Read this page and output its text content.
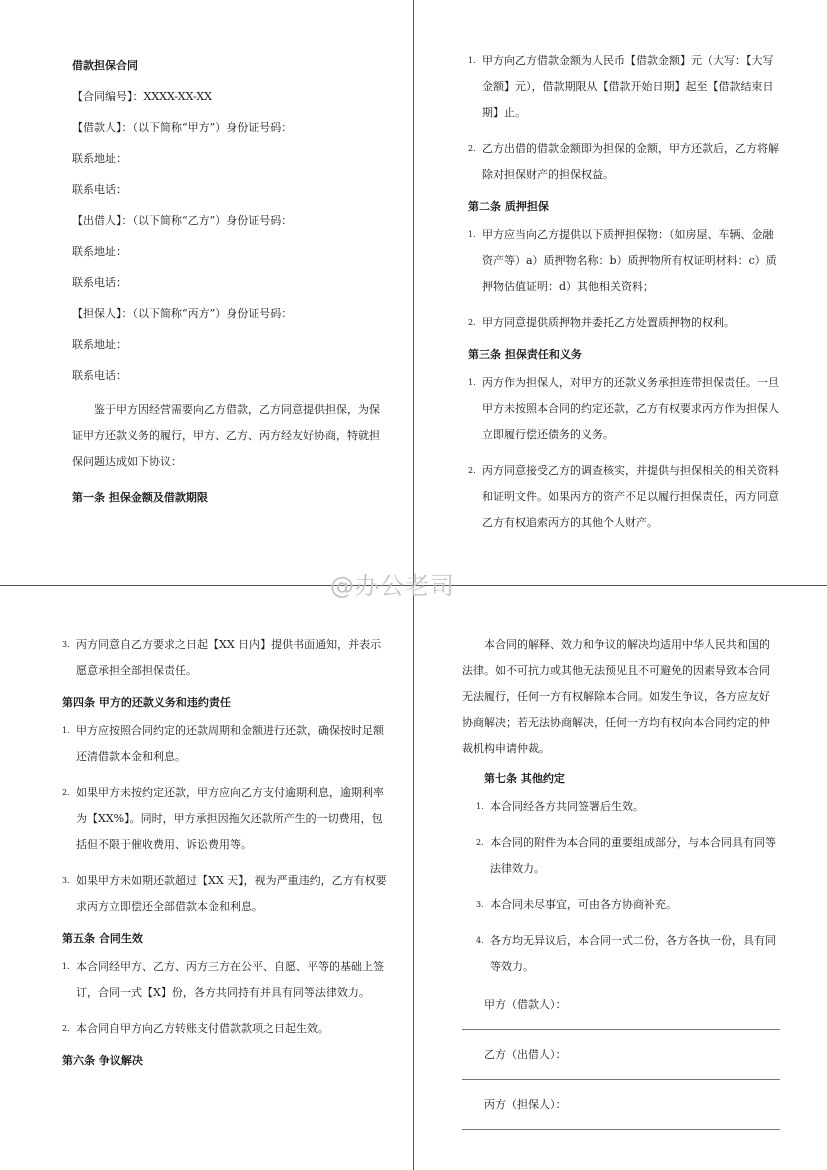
借款担保合同

【合同编号】：XXXX-XX-XX

【借款人】：（以下简称“甲方”）身份证号码：

联系地址：

联系电话：

【出借人】：（以下简称“乙方”）身份证号码：

联系地址：

联系电话：

【担保人】：（以下简称“丙方”）身份证号码：

联系地址：

联系电话：

鉴于甲方因经营需要向乙方借款，乙方同意提供担保，为保证甲方还款义务的履行，甲方、乙方、丙方经友好协商，特就担保问题达成如下协议：

第一条 担保金额及借款期限

1. 甲方向乙方借款金额为人民币【借款金额】元（大写：【大写金额】元），借款期限从【借款开始日期】起至【借款结束日期】止。
2. 乙方出借的借款金额即为担保的金额，甲方还款后，乙方将解除对担保财产的担保权益。

第二条 质押担保

1. 甲方应当向乙方提供以下质押担保物：（如房屋、车辆、金融资产等）a）质押物名称：b）质押物所有权证明材料：c）质押物估值证明：d）其他相关资料；
2. 甲方同意提供质押物并委托乙方处置质押物的权利。

第三条 担保责任和义务

1. 丙方作为担保人，对甲方的还款义务承担连带担保责任。一旦甲方未按照本合同的约定还款，乙方有权要求丙方作为担保人立即履行偿还债务的义务。
2. 丙方同意接受乙方的调查核实，并提供与担保相关的相关资料和证明文件。如果丙方的资产不足以履行担保责任，丙方同意乙方有权追索丙方的其他个人财产。
@办公老司
3. 丙方同意自乙方要求之日起【XX 日内】提供书面通知，并表示愿意承担全部担保责任。

第四条 甲方的还款义务和违约责任

1. 甲方应按照合同约定的还款周期和金额进行还款，确保按时足额还清借款本金和利息。
2. 如果甲方未按约定还款，甲方应向乙方支付逾期利息，逾期利率为【XX%】。同时，甲方承担因拖欠还款所产生的一切费用，包括但不限于催收费用、诉讼费用等。
3. 如果甲方未如期还款超过【XX 天】，视为严重违约，乙方有权要求丙方立即偿还全部借款本金和利息。

第五条 合同生效

1. 本合同经甲方、乙方、丙方三方在公平、自愿、平等的基础上签订，合同一式【X】份，各方共同持有并具有同等法律效力。
2. 本合同自甲方向乙方转账支付借款款项之日起生效。

第六条 争议解决

本合同的解释、效力和争议的解决均适用中华人民共和国的法律。如不可抗力或其他无法预见且不可避免的因素导致本合同无法履行，任何一方有权解除本合同。如发生争议，各方应友好协商解决；若无法协商解决，任何一方均有权向本合同约定的仲裁机构申请仲裁。

第七条 其他约定

1. 本合同经各方共同签署后生效。
2. 本合同的附件为本合同的重要组成部分，与本合同具有同等法律效力。
3. 本合同未尽事宜，可由各方协商补充。
4. 各方均无异议后，本合同一式二份，各方各执一份，具有同等效力。

甲方（借款人）：

乙方（出借人）：

丙方（担保人）：
